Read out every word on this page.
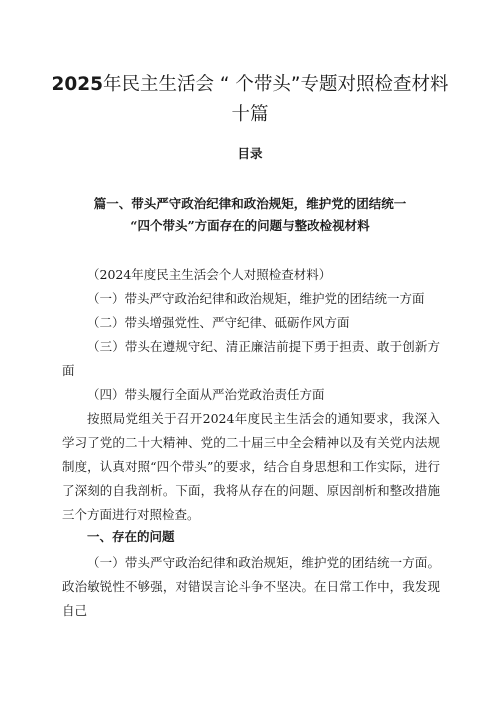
2025年民主生活会 “ 个带头”专题对照检查材料十篇
目录
篇一、带头严守政治纪律和政治规矩，维护党的团结统一
“四个带头”方面存在的问题与整改检视材料

（2024年度民主生活会个人对照检查材料）

（一）带头严守政治纪律和政治规矩，维护党的团结统一方面

（二）带头增强党性、严守纪律、砥砺作风方面

（三）带头在遵规守纪、清正廉洁前提下勇于担责、敢于创新方面

（四）带头履行全面从严治党政治责任方面

按照局党组关于召开2024年度民主生活会的通知要求，我深入学习了党的二十大精神、党的二十届三中全会精神以及有关党内法规制度，认真对照“四个带头”的要求，结合自身思想和工作实际，进行了深刻的自我剖析。下面，我将从存在的问题、原因剖析和整改措施三个方面进行对照检查。

一、存在的问题

（一）带头严守政治纪律和政治规矩，维护党的团结统一方面。政治敏锐性不够强，对错误言论斗争不坚决。在日常工作中，我发现自己
